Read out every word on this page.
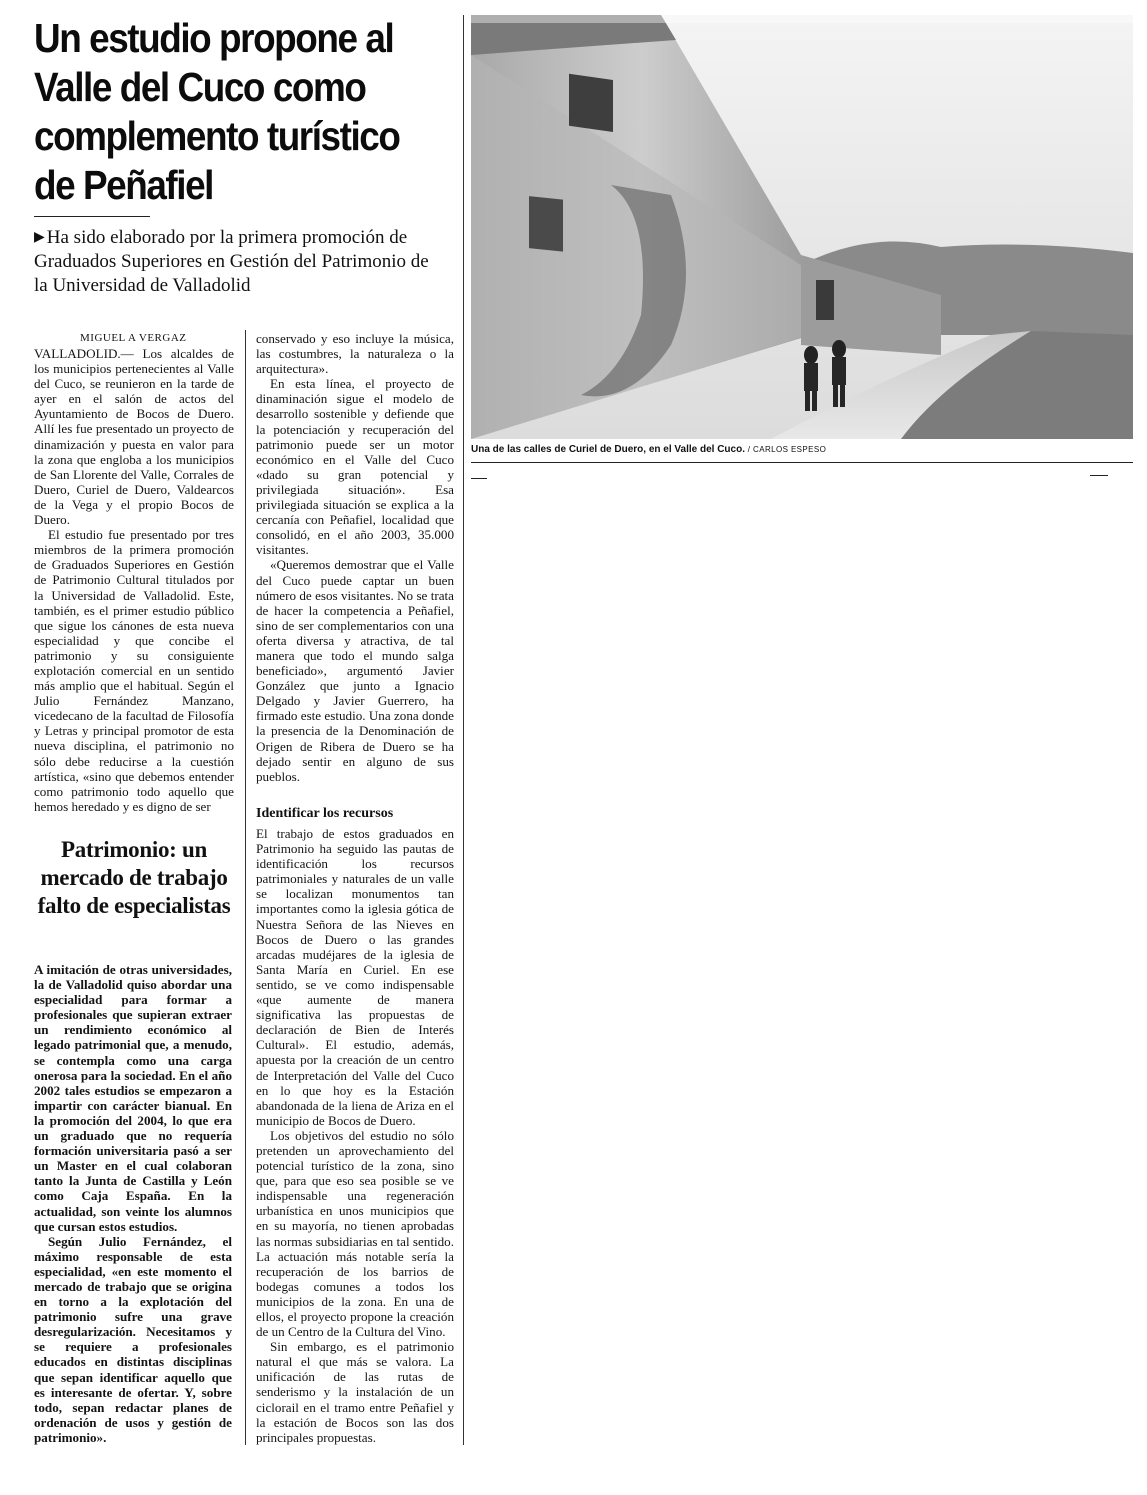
Un estudio propone al Valle del Cuco como complemento turístico de Peñafiel
▶ Ha sido elaborado por la primera promoción de Graduados Superiores en Gestión del Patrimonio de la Universidad de Valladolid
MIGUEL A VERGAZ

VALLADOLID.— Los alcaldes de los municipios pertenecientes al Valle del Cuco, se reunieron en la tarde de ayer en el salón de actos del Ayuntamiento de Bocos de Duero. Allí les fue presentado un proyecto de dinamización y puesta en valor para la zona que engloba a los municipios de San Llorente del Valle, Corrales de Duero, Curiel de Duero, Valdearcos de la Vega y el propio Bocos de Duero.

El estudio fue presentado por tres miembros de la primera promoción de Graduados Superiores en Gestión de Patrimonio Cultural titulados por la Universidad de Valladolid. Este, también, es el primer estudio público que sigue los cánones de esta nueva especialidad y que concibe el patrimonio y su consiguiente explotación comercial en un sentido más amplio que el habitual. Según el Julio Fernández Manzano, vicedecano de la facultad de Filosofía y Letras y principal promotor de esta nueva disciplina, el patrimonio no sólo debe reducirse a la cuestión artística, «sino que debemos entender como patrimonio todo aquello que hemos heredado y es digno de ser

conservado y eso incluye la música, las costumbres, la naturaleza o la arquitectura».

En esta línea, el proyecto de dinaminación sigue el modelo de desarrollo sostenible y defiende que la potenciación y recuperación del patrimonio puede ser un motor económico en el Valle del Cuco «dado su gran potencial y privilegiada situación». Esa privilegiada situación se explica a la cercanía con Peñafiel, localidad que consolidó, en el año 2003, 35.000 visitantes.

«Queremos demostrar que el Valle del Cuco puede captar un buen número de esos visitantes. No se trata de hacer la competencia a Peñafiel, sino de ser complementarios con una oferta diversa y atractiva, de tal manera que todo el mundo salga beneficiado», argumentó Javier González que junto a Ignacio Delgado y Javier Guerrero, ha firmado este estudio. Una zona donde la presencia de la Denominación de Origen de Ribera de Duero se ha dejado sentir en alguno de sus pueblos.

Identificar los recursos

El trabajo de estos graduados en Patrimonio ha seguido las pautas de identificación los recursos patrimoniales y naturales de un valle se localizan monumentos tan importantes como la iglesia gótica de Nuestra Señora de las Nieves en Bocos de Duero o las grandes arcadas mudéjares de la iglesia de Santa María en Curiel. En ese sentido, se ve como indispensable «que aumente de manera significativa las propuestas de declaración de Bien de Interés Cultural». El estudio, además, apuesta por la creación de un centro de Interpretación del Valle del Cuco en lo que hoy es la Estación abandonada de la liena de Ariza en el municipio de Bocos de Duero.

Los objetivos del estudio no sólo pretenden un aprovechamiento del potencial turístico de la zona, sino que, para que eso sea posible se ve indispensable una regeneración urbanística en unos municipios que en su mayoría, no tienen aprobadas las normas subsidiarias en tal sentido. La actuación más notable sería la recuperación de los barrios de bodegas comunes a todos los municipios de la zona. En una de ellos, el proyecto propone la creación de un Centro de la Cultura del Vino.

Sin embargo, es el patrimonio natural el que más se valora. La unificación de las rutas de senderismo y la instalación de un ciclorail en el tramo entre Peñafiel y la estación de Bocos son las dos principales propuestas.

Patrimonio: un mercado de trabajo falto de especialistas

A imitación de otras universidades, la de Valladolid quiso abordar una especialidad para formar a profesionales que supieran extraer un rendimiento económico al legado patrimonial que, a menudo, se contempla como una carga onerosa para la sociedad. En el año 2002 tales estudios se empezaron a impartir con carácter bianual. En la promoción del 2004, lo que era un graduado que no requería formación universitaria pasó a ser un Master en el cual colaboran tanto la Junta de Castilla y León como Caja España. En la actualidad, son veinte los alumnos que cursan estos estudios.

Según Julio Fernández, el máximo responsable de esta especialidad, «en este momento el mercado de trabajo que se origina en torno a la explotación del patrimonio sufre una grave desregularización. Necesitamos y se requiere a profesionales educados en distintas disciplinas que sepan identificar aquello que es interesante de ofertar. Y, sobre todo, sepan redactar planes de ordenación de usos y gestión de patrimonio».

Una de las calles de Curiel de Duero, en el Valle del Cuco. / CARLOS ESPESO
